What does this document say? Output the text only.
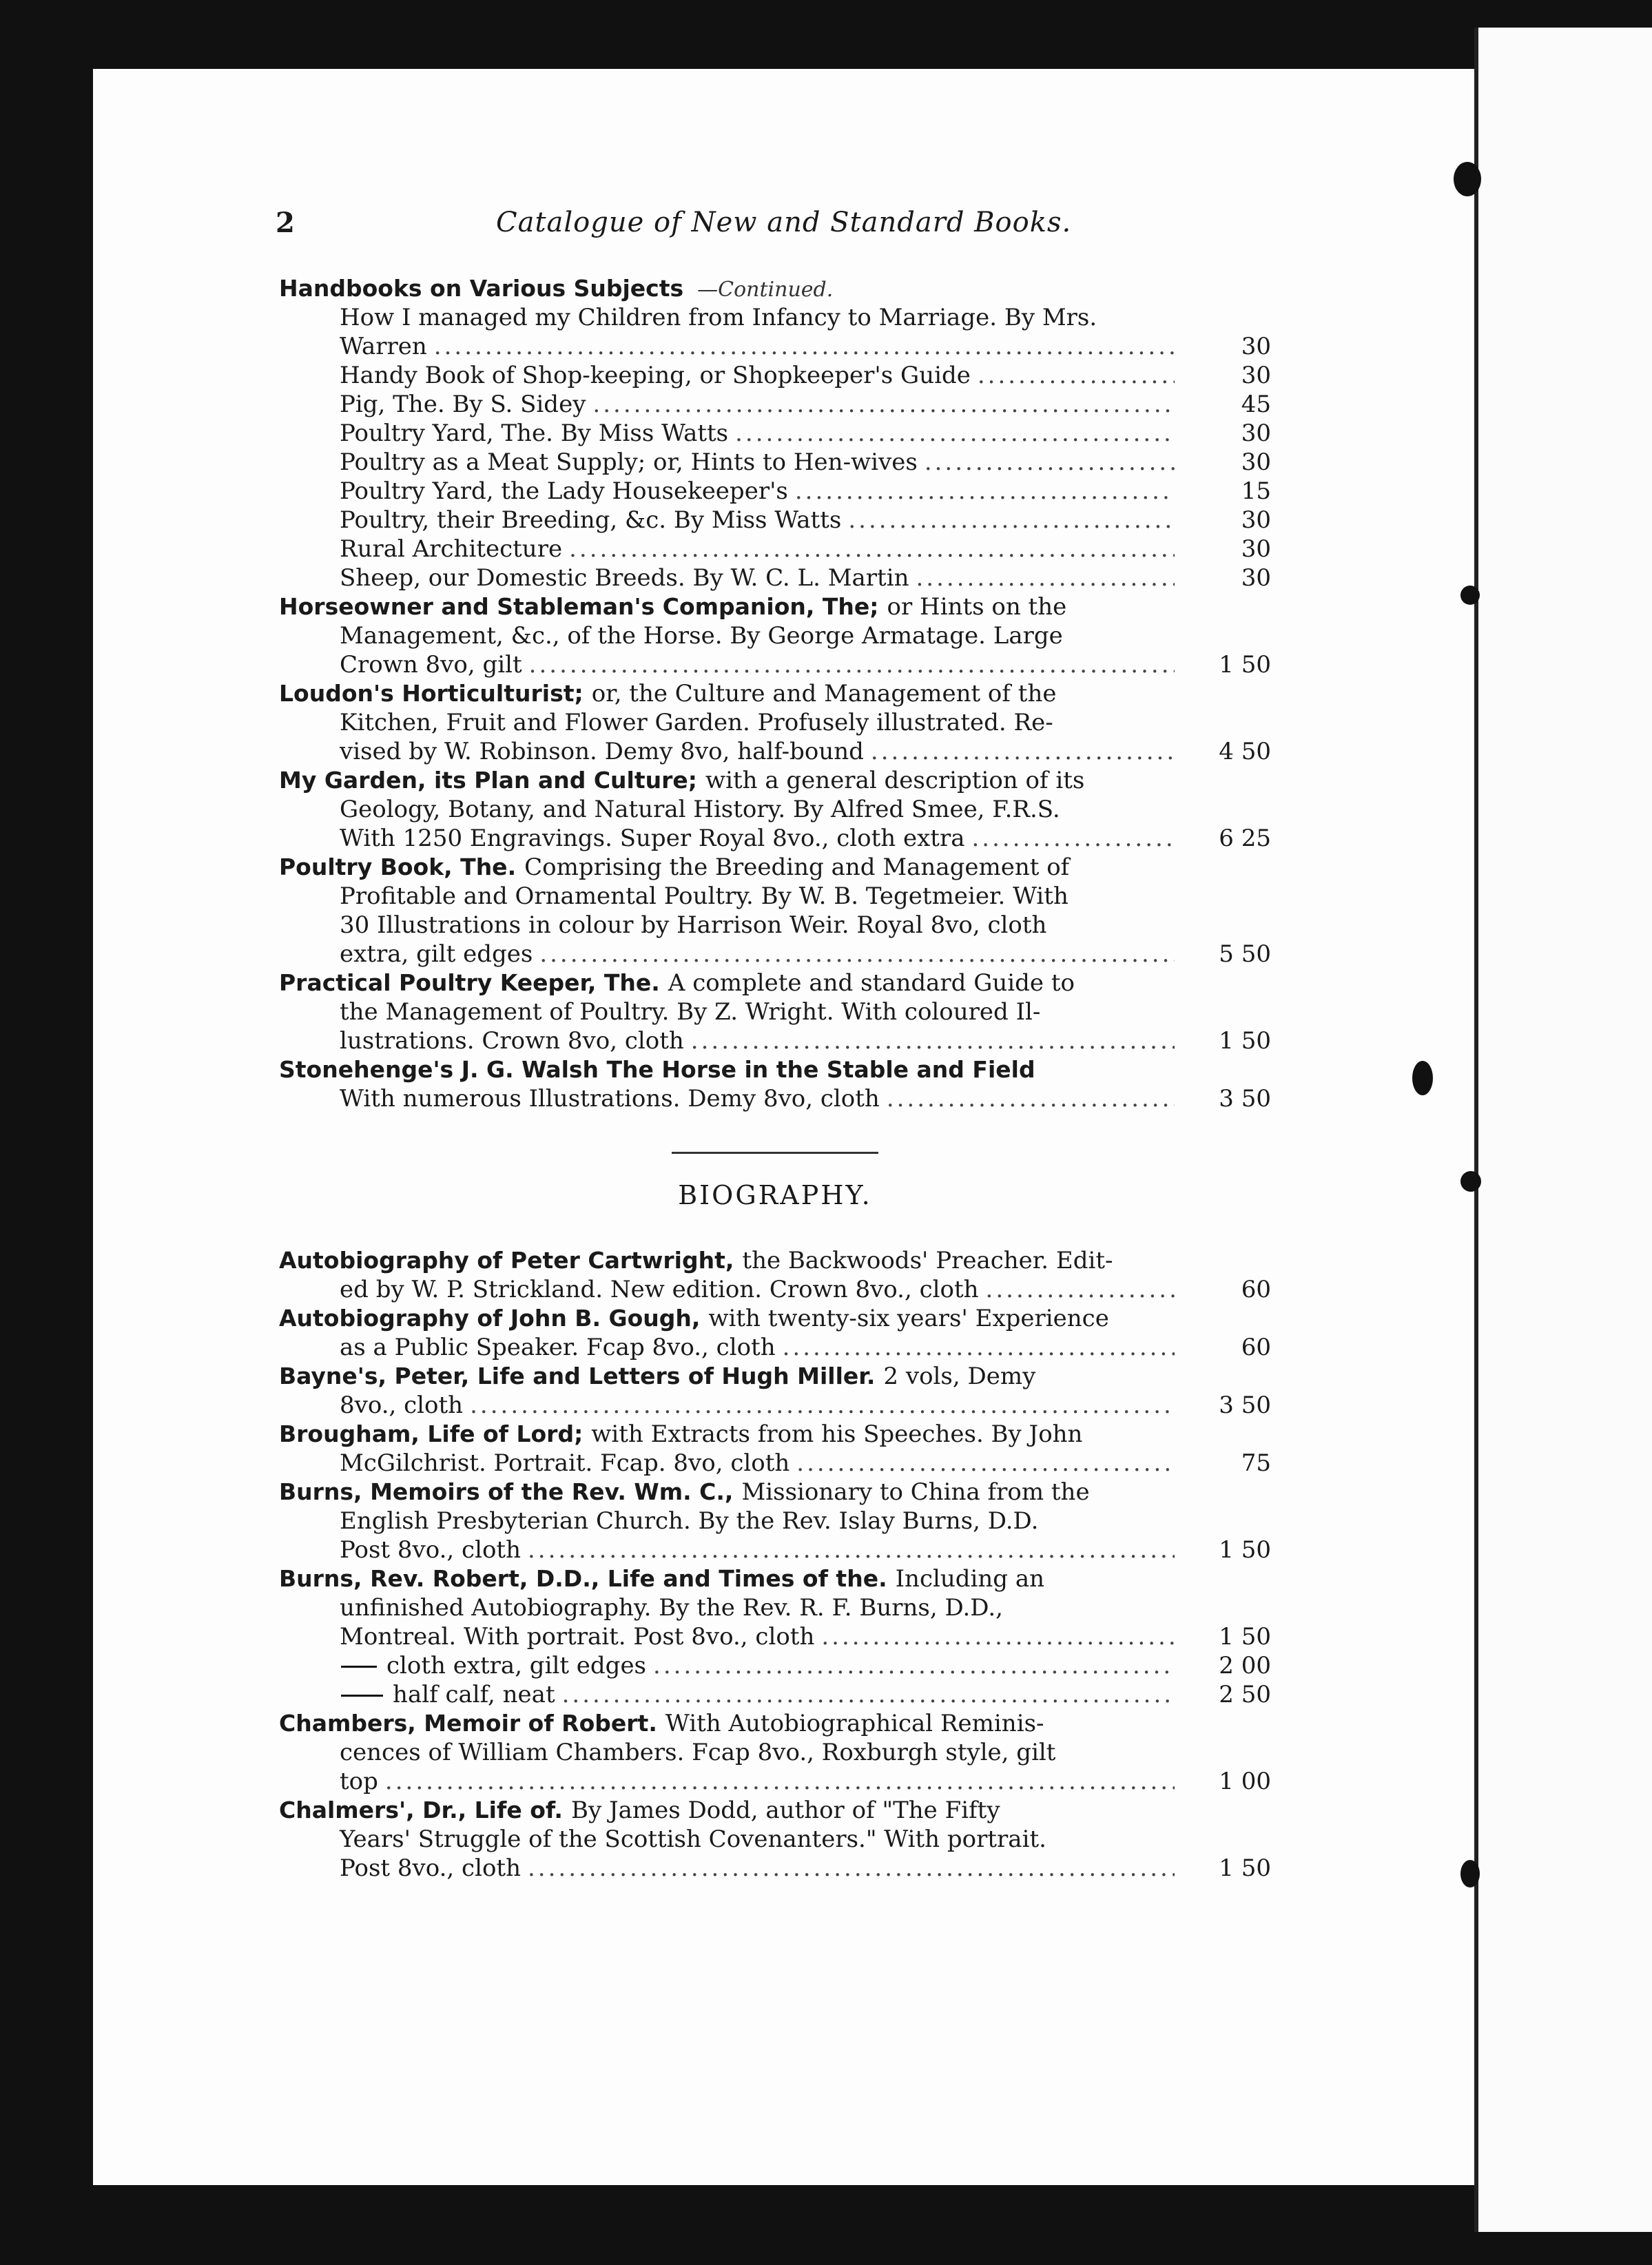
2	Catalogue of New and Standard Books.
Handbooks on Various Subjects —Continued.
How I managed my Children from Infancy to Marriage. By Mrs.
Warren .....	30
Handy Book of Shop-keeping, or Shopkeeper's Guide .....	30
Pig, The. By S. Sidey .....	45
Poultry Yard, The. By Miss Watts .....	30
Poultry as a Meat Supply; or, Hints to Hen-wives .....	30
Poultry Yard, the Lady Housekeeper's .....	15
Poultry, their Breeding, &c. By Miss Watts .....	30
Rural Architecture .....	30
Sheep, our Domestic Breeds. By W. C. L. Martin .....	30
Horseowner and Stableman's Companion, The; or Hints on the
Management, &c., of the Horse. By George Armatage. Large
Crown 8vo, gilt .....	1 50
Loudon's Horticulturist; or, the Culture and Management of the
Kitchen, Fruit and Flower Garden. Profusely illustrated. Re-
vised by W. Robinson. Demy 8vo, half-bound .....	4 50
My Garden, its Plan and Culture; with a general description of its
Geology, Botany, and Natural History. By Alfred Smee, F.R.S.
With 1250 Engravings. Super Royal 8vo., cloth extra .....	6 25
Poultry Book, The. Comprising the Breeding and Management of
Profitable and Ornamental Poultry. By W. B. Tegetmeier. With
30 Illustrations in colour by Harrison Weir. Royal 8vo, cloth
extra, gilt edges .....	5 50
Practical Poultry Keeper, The. A complete and standard Guide to
the Management of Poultry. By Z. Wright. With coloured Il-
lustrations. Crown 8vo, cloth .....	1 50
Stonehenge's J. G. Walsh The Horse in the Stable and Field
With numerous Illustrations. Demy 8vo, cloth .....	3 50
BIOGRAPHY.
Autobiography of Peter Cartwright, the Backwoods' Preacher. Edit-
ed by W. P. Strickland. New edition. Crown 8vo., cloth .....	60
Autobiography of John B. Gough, with twenty-six years' Experience
as a Public Speaker. Fcap 8vo., cloth .....	60
Bayne's, Peter, Life and Letters of Hugh Miller. 2 vols, Demy
8vo., cloth .....	3 50
Brougham, Life of Lord; with Extracts from his Speeches. By John
McGilchrist. Portrait. Fcap. 8vo, cloth .....	75
Burns, Memoirs of the Rev. Wm. C., Missionary to China from the
English Presbyterian Church. By the Rev. Islay Burns, D.D.
Post 8vo., cloth .....	1 50
Burns, Rev. Robert, D.D., Life and Times of the. Including an
unfinished Autobiography. By the Rev. R. F. Burns, D.D.,
Montreal. With portrait. Post 8vo., cloth .....	1 50
cloth extra, gilt edges .....	2 00
half calf, neat .....	2 50
Chambers, Memoir of Robert. With Autobiographical Reminis-
cences of William Chambers. Fcap 8vo., Roxburgh style, gilt
top .....	1 00
Chalmers', Dr., Life of. By James Dodd, author of "The Fifty
Years' Struggle of the Scottish Covenanters." With portrait.
Post 8vo., cloth .....	1 50
